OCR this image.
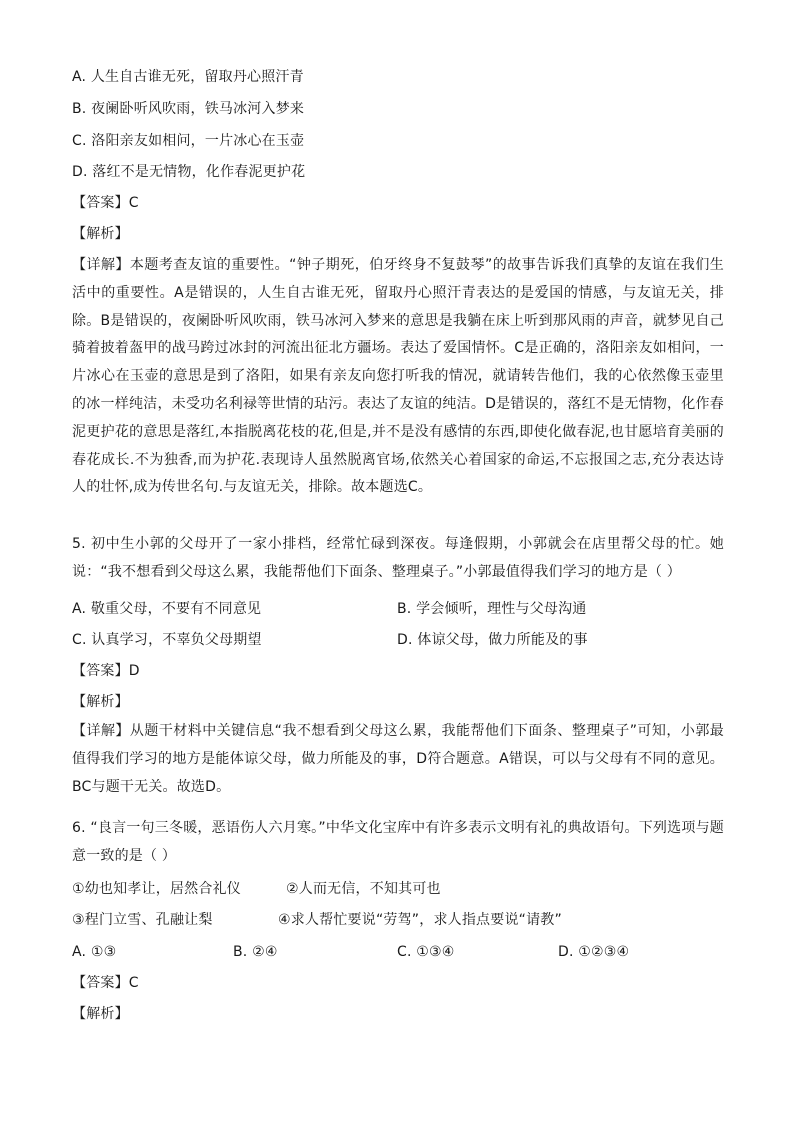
A. 人生自古谁无死，留取丹心照汗青
B. 夜阑卧听风吹雨，铁马冰河入梦来
C. 洛阳亲友如相问，一片冰心在玉壶
D. 落红不是无情物，化作春泥更护花
【答案】C
【解析】
【详解】本题考查友谊的重要性。“钟子期死，伯牙终身不复鼓琴”的故事告诉我们真挚的友谊在我们生活中的重要性。A是错误的，人生自古谁无死，留取丹心照汗青表达的是爱国的情感，与友谊无关，排除。B是错误的，夜阑卧听风吹雨，铁马冰河入梦来的意思是我躺在床上听到那风雨的声音，就梦见自己骑着披着盔甲的战马跨过冰封的河流出征北方疆场。表达了爱国情怀。C是正确的，洛阳亲友如相问，一片冰心在玉壶的意思是到了洛阳，如果有亲友向您打听我的情况，就请转告他们，我的心依然像玉壶里的冰一样纯洁，未受功名利禄等世情的玷污。表达了友谊的纯洁。D是错误的，落红不是无情物，化作春泥更护花的意思是落红,本指脱离花枝的花,但是,并不是没有感情的东西,即使化做春泥,也甘愿培育美丽的春花成长.不为独香,而为护花.表现诗人虽然脱离官场,依然关心着国家的命运,不忘报国之志,充分表达诗人的壮怀,成为传世名句.与友谊无关，排除。故本题选C。
5. 初中生小郭的父母开了一家小排档，经常忙碌到深夜。每逢假期，小郭就会在店里帮父母的忙。她说：“我不想看到父母这么累，我能帮他们下面条、整理桌子。”小郭最值得我们学习的地方是（ ）
A. 敬重父母，不要有不同意见	B. 学会倾听，理性与父母沟通
C. 认真学习，不辜负父母期望	D. 体谅父母，做力所能及的事
【答案】D
【解析】
【详解】从题干材料中关键信息“我不想看到父母这么累，我能帮他们下面条、整理桌子”可知，小郭最值得我们学习的地方是能体谅父母，做力所能及的事，D符合题意。A错误，可以与父母有不同的意见。BC与题干无关。故选D。
6. “良言一句三冬暖，恶语伤人六月寒。”中华文化宝库中有许多表示文明有礼的典故语句。下列选项与题意一致的是（ ）
①幼也知孝让，居然合礼仪	②人而无信，不知其可也
③程门立雪、孔融让梨	④求人帮忙要说“劳驾”，求人指点要说“请教”
A. ①③	B. ②④	C. ①③④	D. ①②③④
【答案】C
【解析】
